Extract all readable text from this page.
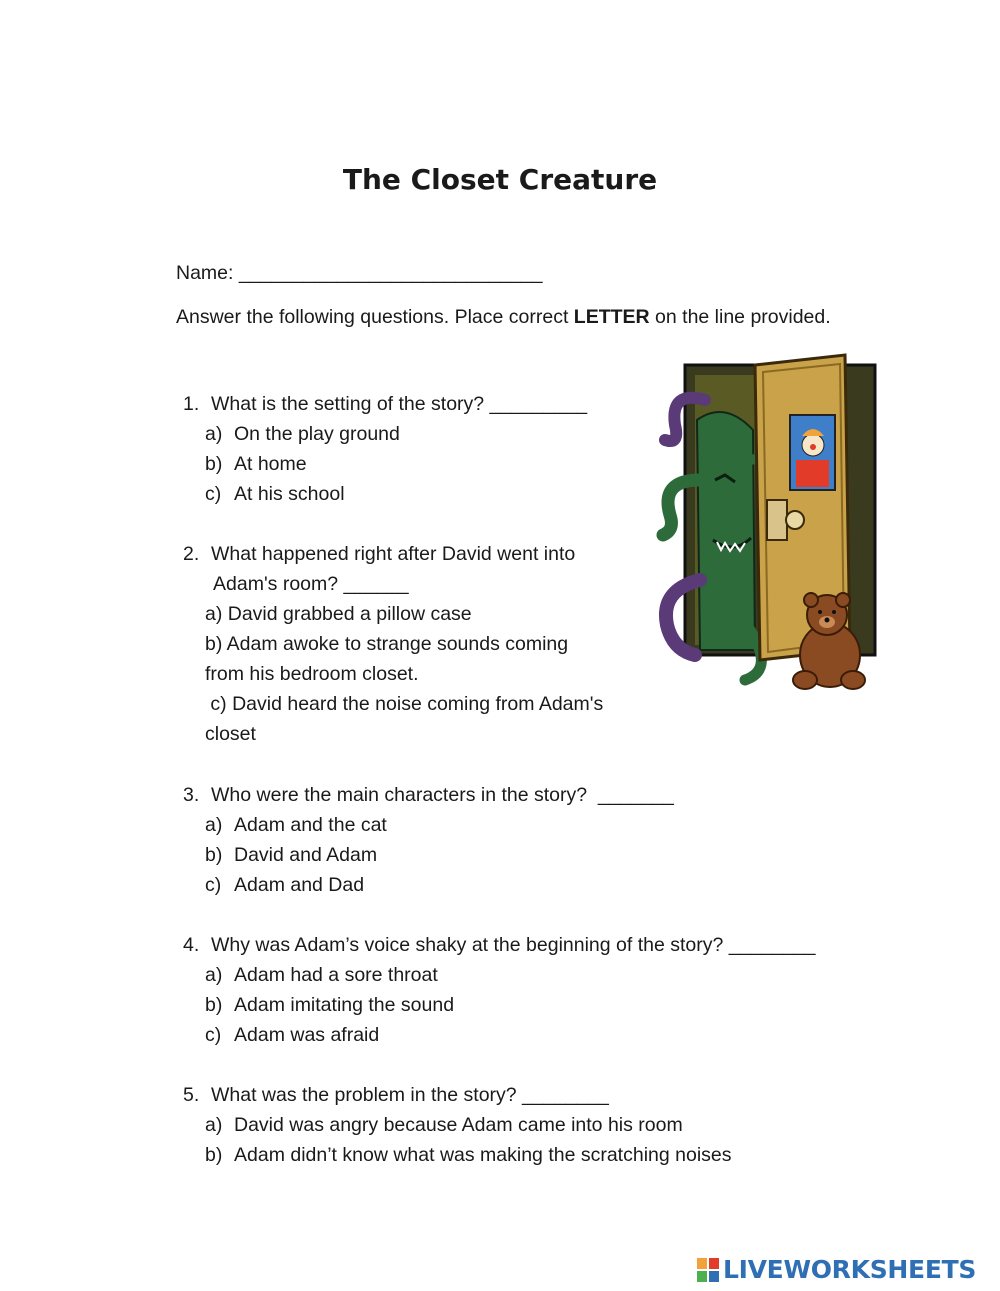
The Closet Creature
Name: ____________________________
Answer the following questions. Place correct LETTER on the line provided.
1. What is the setting of the story? _________
a) On the play ground
b) At home
c) At his school
2. What happened right after David went into
Adam's room? ______
a) David grabbed a pillow case
b) Adam awoke to strange sounds coming
from his bedroom closet.
c) David heard the noise coming from Adam's
closet
3. Who were the main characters in the story?  _______
a) Adam and the cat
b) David and Adam
c) Adam and Dad
4. Why was Adam’s voice shaky at the beginning of the story? ________
a) Adam had a sore throat
b) Adam imitating the sound
c) Adam was afraid
5. What was the problem in the story? ________
a) David was angry because Adam came into his room
b) Adam didn’t know what was making the scratching noises
LIVEWORKSHEETS
